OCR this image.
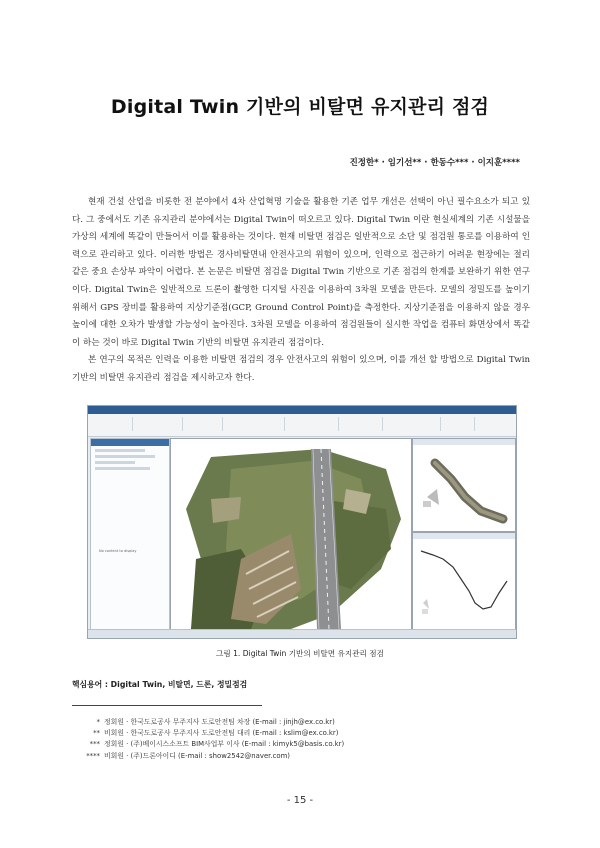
Digital Twin 기반의 비탈면 유지관리 점검
진정한* · 임기선** · 한동수*** · 이지훈****

현재 건설 산업을 비롯한 전 분야에서 4차 산업혁명 기술을 활용한 기존 업무 개선은 선택이 아닌 필수요소가 되고 있다. 그 중에서도 기존 유지관리 분야에서는 Digital Twin이 떠오르고 있다. Digital Twin 이란 현실세계의 기존 시설물을 가상의 세계에 똑같이 만들어서 이를 활용하는 것이다. 현재 비탈면 점검은 일반적으로 소단 및 점검원 통로를 이용하여 인력으로 관리하고 있다. 이러한 방법은 경사비탈면내 안전사고의 위험이 있으며, 인력으로 접근하기 어려운 현장에는 절리 같은 중요 손상부 파악이 어렵다. 본 논문은 비탈면 점검을 Digital Twin 기반으로 기존 점검의 한계를 보완하기 위한 연구이다. Digital Twin은 일반적으로 드론이 촬영한 디지털 사진을 이용하여 3차원 모델을 만든다. 모델의 정밀도를 높이기 위해서 GPS 장비를 활용하여 지상기준점(GCP, Ground Control Point)을 측정한다. 지상기준점을 이용하지 않을 경우 높이에 대한 오차가 발생할 가능성이 높아진다. 3차원 모델을 이용하여 점검원들이 실시한 작업을 컴퓨터 화면상에서 똑같이 하는 것이 바로 Digital Twin 기반의 비탈면 유지관리 점검이다.

본 연구의 목적은 인력을 이용한 비탈면 점검의 경우 안전사고의 위험이 있으며, 이를 개선 할 방법으로 Digital Twin 기반의 비탈면 유지관리 점검을 제시하고자 한다.

No content to display
그림 1. Digital Twin 기반의 비탈면 유지관리 점검
핵심용어 : Digital Twin, 비탈면, 드론, 정밀점검
* 정회원 · 한국도로공사 무주지사 도로안전팀 차장 (E-mail : jinjh@ex.co.kr)
** 비회원 · 한국도로공사 무주지사 도로안전팀 대리 (E-mail : kslim@ex.co.kr)
*** 정회원 · (주)베이시스소프트 BIM사업부 이사 (E-mail : kimyk5@basis.co.kr)
**** 비회원 · (주)드론아이디 (E-mail : show2542@naver.com)
- 15 -
